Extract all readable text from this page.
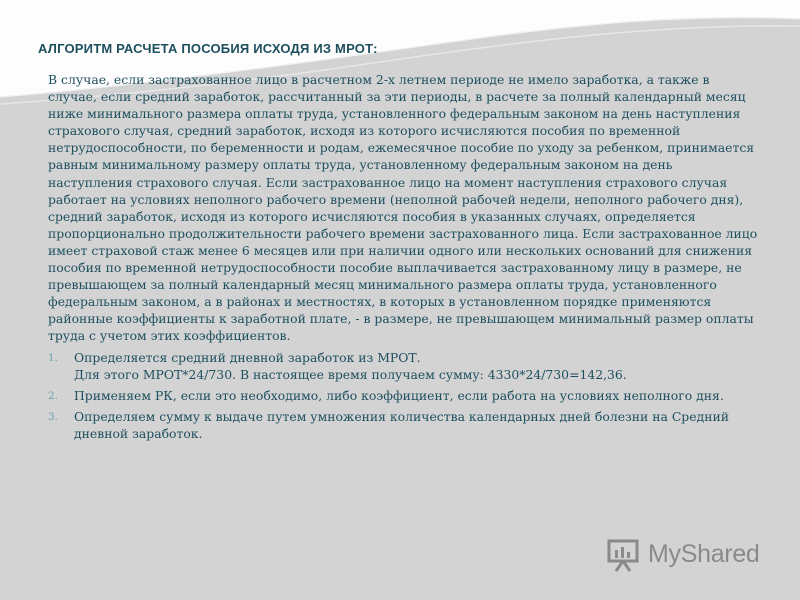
АЛГОРИТМ РАСЧЕТА ПОСОБИЯ ИСХОДЯ ИЗ МРОТ:

В случае, если застрахованное лицо в расчетном 2-х летнем периоде не имело заработка, а также в случае, если средний заработок, рассчитанный за эти периоды, в расчете за полный календарный месяц ниже минимального размера оплаты труда, установленного федеральным законом на день наступления страхового случая, средний заработок, исходя из которого исчисляются пособия по временной нетрудоспособности, по беременности и родам, ежемесячное пособие по уходу за ребенком, принимается равным минимальному размеру оплаты труда, установленному федеральным законом на день наступления страхового случая. Если застрахованное лицо на момент наступления страхового случая работает на условиях неполного рабочего времени (неполной рабочей недели, неполного рабочего дня), средний заработок, исходя из которого исчисляются пособия в указанных случаях, определяется пропорционально продолжительности рабочего времени застрахованного лица. Если застрахованное лицо имеет страховой стаж менее 6 месяцев или при наличии одного или нескольких оснований для снижения пособия по временной нетрудоспособности пособие выплачивается застрахованному лицу в размере, не превышающем за полный календарный месяц минимального размера оплаты труда, установленного федеральным законом, а в районах и местностях, в которых в установленном порядке применяются районные коэффициенты к заработной плате, - в размере, не превышающем минимальный размер оплаты труда с учетом этих коэффициентов.

1. Определяется средний дневной заработок из МРОТ.
Для этого МРОТ*24/730. В настоящее время получаем сумму: 4330*24/730=142,36.
2. Применяем РК, если это необходимо, либо коэффициент, если работа на условиях неполного дня.
3. Определяем сумму к выдаче путем умножения количества календарных дней болезни на Средний дневной заработок.
MyShared
